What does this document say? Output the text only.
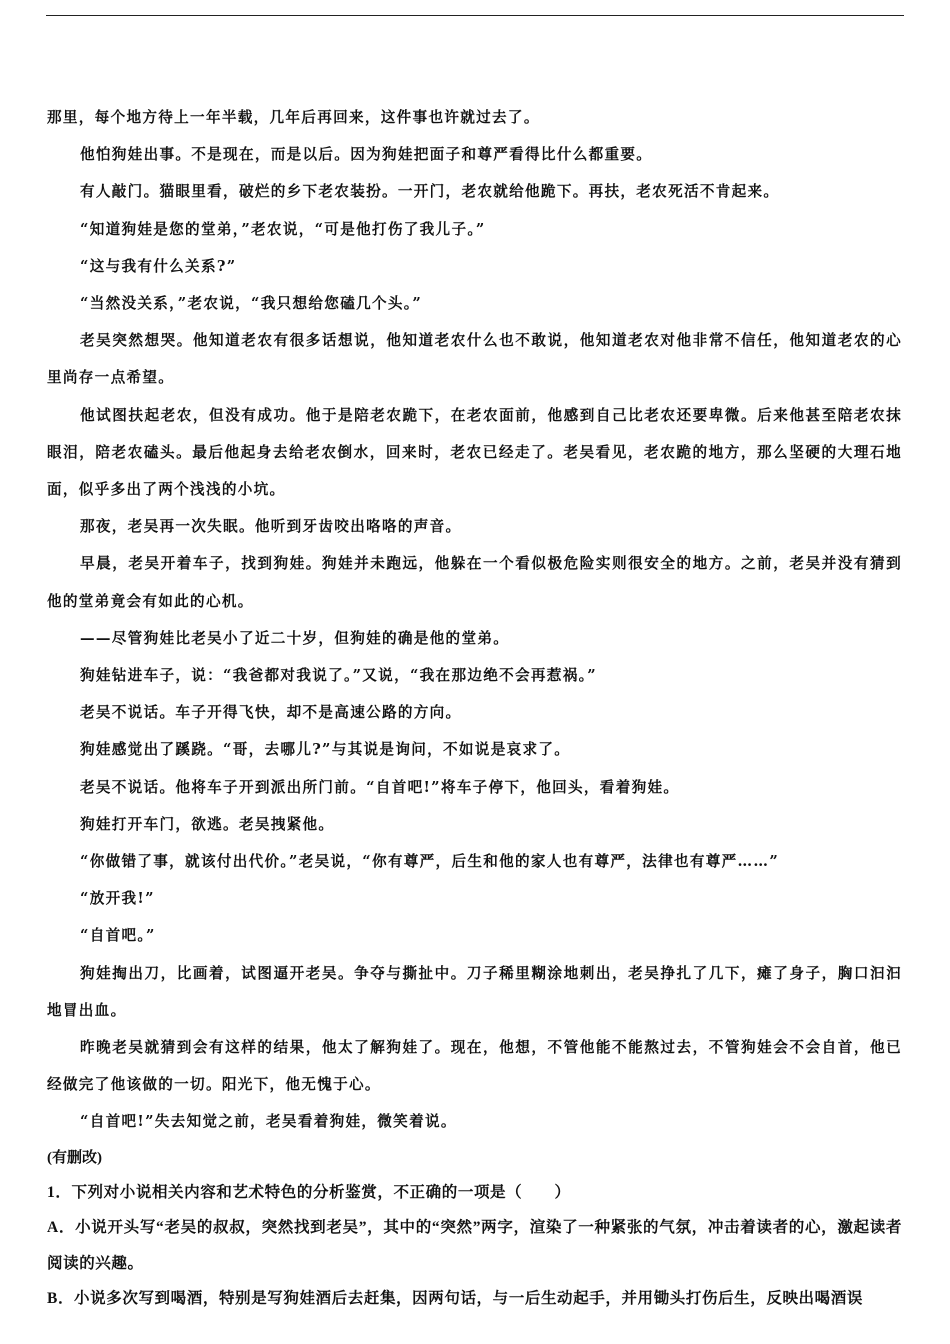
那里，每个地方待上一年半载，几年后再回来，这件事也许就过去了。

他怕狗娃出事。不是现在，而是以后。因为狗娃把面子和尊严看得比什么都重要。

有人敲门。猫眼里看，破烂的乡下老农装扮。一开门，老农就给他跪下。再扶，老农死活不肯起来。

“知道狗娃是您的堂弟，”老农说，“可是他打伤了我儿子。”

“这与我有什么关系?”

“当然没关系，”老农说，“我只想给您磕几个头。”

老吴突然想哭。他知道老农有很多话想说，他知道老农什么也不敢说，他知道老农对他非常不信任，他知道老农的心里尚存一点希望。

他试图扶起老农，但没有成功。他于是陪老农跪下，在老农面前，他感到自己比老农还要卑微。后来他甚至陪老农抹眼泪，陪老农磕头。最后他起身去给老农倒水，回来时，老农已经走了。老吴看见，老农跪的地方，那么坚硬的大理石地面，似乎多出了两个浅浅的小坑。

那夜，老吴再一次失眠。他听到牙齿咬出咯咯的声音。

早晨，老吴开着车子，找到狗娃。狗娃并未跑远，他躲在一个看似极危险实则很安全的地方。之前，老吴并没有猜到他的堂弟竟会有如此的心机。

——尽管狗娃比老吴小了近二十岁，但狗娃的确是他的堂弟。

狗娃钻进车子，说：“我爸都对我说了。”又说，“我在那边绝不会再惹祸。”

老吴不说话。车子开得飞快，却不是高速公路的方向。

狗娃感觉出了蹊跷。“哥，去哪儿?”与其说是询问，不如说是哀求了。

老吴不说话。他将车子开到派出所门前。“自首吧!”将车子停下，他回头，看着狗娃。

狗娃打开车门，欲逃。老吴拽紧他。

“你做错了事，就该付出代价。”老吴说，“你有尊严，后生和他的家人也有尊严，法律也有尊严……”

“放开我!”

“自首吧。”

狗娃掏出刀，比画着，试图逼开老吴。争夺与撕扯中。刀子稀里糊涂地刺出，老吴挣扎了几下，瘫了身子，胸口汩汩地冒出血。

昨晚老吴就猜到会有这样的结果，他太了解狗娃了。现在，他想，不管他能不能熬过去，不管狗娃会不会自首，他已经做完了他该做的一切。阳光下，他无愧于心。

“自首吧!”失去知觉之前，老吴看着狗娃，微笑着说。

(有删改)

1．下列对小说相关内容和艺术特色的分析鉴赏，不正确的一项是（　　）

A．小说开头写“老吴的叔叔，突然找到老吴”，其中的“突然”两字，渲染了一种紧张的气氛，冲击着读者的心，激起读者阅读的兴趣。

B．小说多次写到喝酒，特别是写狗娃酒后去赶集，因两句话，与一后生动起手，并用锄头打伤后生，反映出喝酒误
